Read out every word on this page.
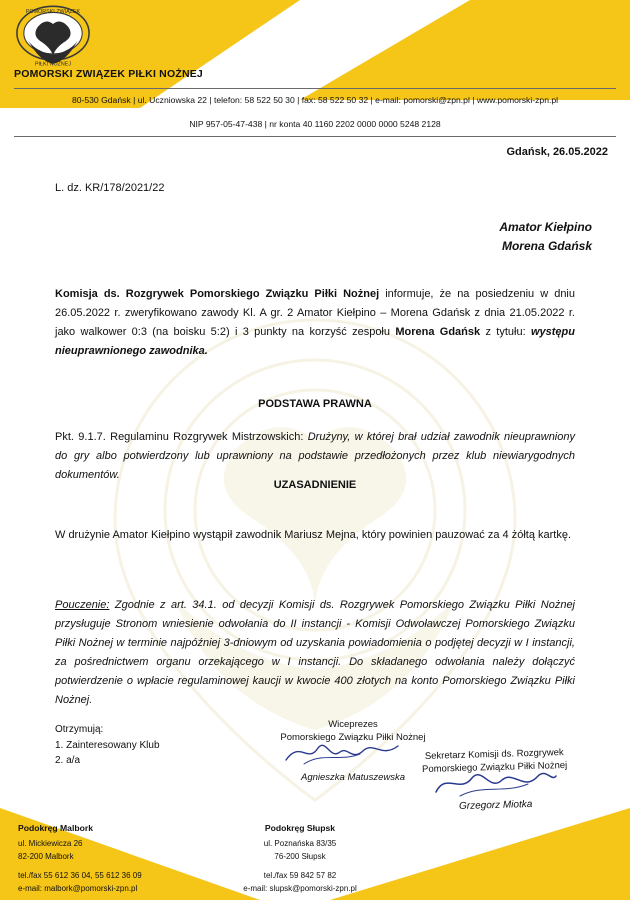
POMORSKI ZWIĄZEK
PIŁKI NOŻNEJ
POMORSKI ZWIĄZEK PIŁKI NOŻNEJ
80-530 Gdańsk | ul. Uczniowska 22 | telefon: 58 522 50 30 | fax: 58 522 50 32 | e-mail: pomorski@zpn.pl | www.pomorski-zpn.pl
NIP 957-05-47-438 | nr konta 40 1160 2202 0000 0000 5248 2128
Gdańsk, 26.05.2022
L. dz. KR/178/2021/22
Amator Kiełpino
Morena Gdańsk
Komisja ds. Rozgrywek Pomorskiego Związku Piłki Nożnej informuje, że na posiedzeniu w dniu 26.05.2022 r. zweryfikowano zawody Kl. A gr. 2 Amator Kiełpino – Morena Gdańsk z dnia 21.05.2022 r. jako walkower 0:3 (na boisku 5:2) i 3 punkty na korzyść zespołu Morena Gdańsk z tytułu: występu nieuprawnionego zawodnika.
PODSTAWA PRAWNA
Pkt. 9.1.7. Regulaminu Rozgrywek Mistrzowskich: Drużyny, w której brał udział zawodnik nieuprawniony do gry albo potwierdzony lub uprawniony na podstawie przedłożonych przez klub niewiarygodnych dokumentów.
UZASADNIENIE
W drużynie Amator Kiełpino wystąpił zawodnik Mariusz Mejna, który powinien pauzować za 4 żółtą kartkę.
Pouczenie: Zgodnie z art. 34.1. od decyzji Komisji ds. Rozgrywek Pomorskiego Związku Piłki Nożnej przysługuje Stronom wniesienie odwołania do II instancji - Komisji Odwoławczej Pomorskiego Związku Piłki Nożnej w terminie najpóźniej 3-dniowym od uzyskania powiadomienia o podjętej decyzji w I instancji, za pośrednictwem organu orzekającego w I instancji. Do składanego odwołania należy dołączyć potwierdzenie o wpłacie regulaminowej kaucji w kwocie 400 złotych na konto Pomorskiego Związku Piłki Nożnej.
Otrzymują:
1. Zainteresowany Klub
2. a/a
Wiceprezes
Pomorskiego Związku Piłki Nożnej
Agnieszka Matuszewska
Sekretarz Komisji ds. Rozgrywek
Pomorskiego Związku Piłki Nożnej
Grzegorz Miotka
Podokręg Malbork
ul. Mickiewicza 26
82-200 Malbork
tel./fax 55 612 36 04, 55 612 36 09
e-mail: malbork@pomorski-zpn.pl
Podokręg Słupsk
ul. Poznańska 83/35
76-200 Słupsk
tel./fax 59 842 57 82
e-mail: slupsk@pomorski-zpn.pl
